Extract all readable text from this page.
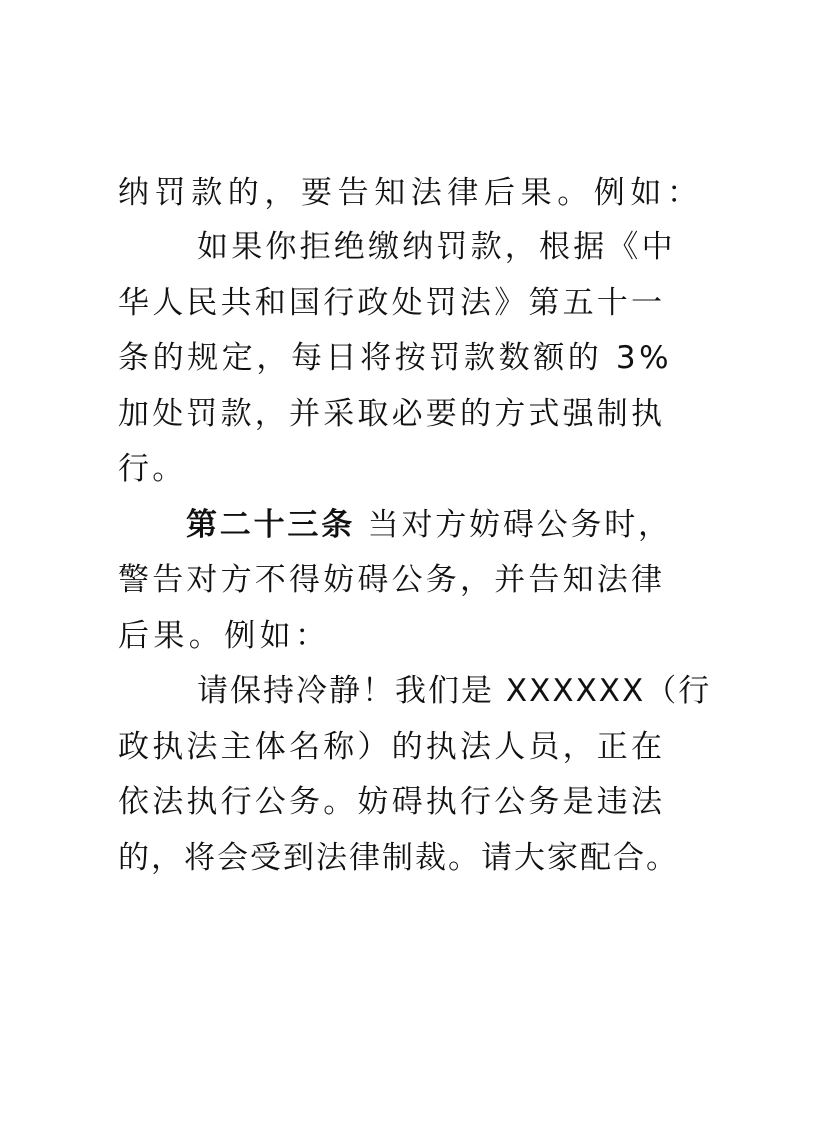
纳罚款的，要告知法律后果。例如：
如果你拒绝缴纳罚款，根据《中
华人民共和国行政处罚法》第五十一
条的规定，每日将按罚款数额的 3%
加处罚款，并采取必要的方式强制执
行。
第二十三条 当对方妨碍公务时，
警告对方不得妨碍公务，并告知法律
后果。例如：
请保持冷静！我们是 XXXXXX（行
政执法主体名称）的执法人员，正在
依法执行公务。妨碍执行公务是违法
的，将会受到法律制裁。请大家配合。
